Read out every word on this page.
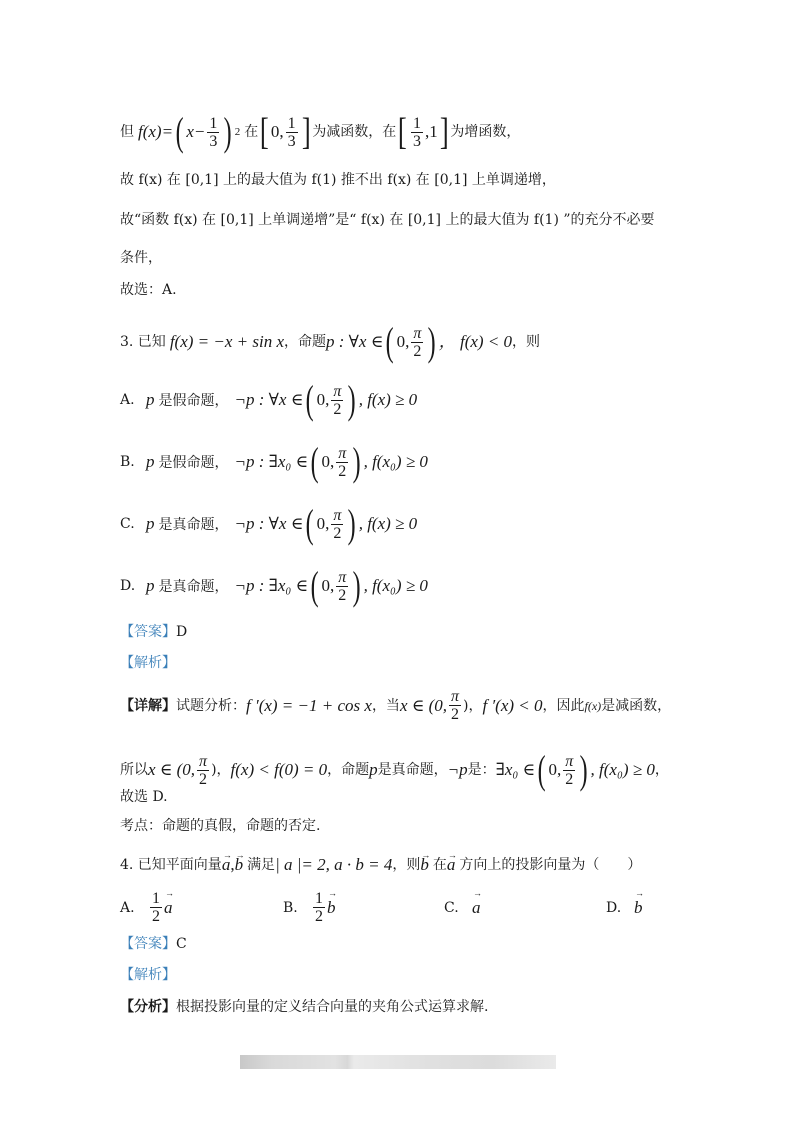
但 f(x)= ( $x- \frac{1}{3}$ ) 2 在 [ 0, $\frac{1}{3}$ ] 为减函数，在 [ $\frac{1}{3} ,1$ ] 为增函数，
故 f(x) 在 [0,1] 上的最大值为 f(1) 推不出 f(x) 在 [0,1] 上单调递增，
故“函数 f(x) 在 [0,1] 上单调递增”是“ f(x) 在 [0,1] 上的最大值为 f(1) ”的充分不必要
条件，
故选：A.
3. 已知 f(x) = −x + sin x ，命题 p : ∀x ∈ ( 0, $\frac{\pi}{2}$ ) ， f(x) < 0 ，则
A. p 是假命题， ¬p : ∀x ∈ ( 0, $\frac{\pi}{2}$ ) , f(x) ≥ 0
B. p 是假命题， ¬p : ∃x₀ ∈ ( 0, $\frac{\pi}{2}$ ) , f(x₀) ≥ 0
C. p 是真命题， ¬p : ∀x ∈ ( 0, $\frac{\pi}{2}$ ) , f(x) ≥ 0
D. p 是真命题， ¬p : ∃x₀ ∈ ( 0, $\frac{\pi}{2}$ ) , f(x₀) ≥ 0
【答案】 D
【解析】
【详解】 试题分析： f ′(x) = −1 + cos x ，当 x ∈ (0, $\frac{\pi}{2}$ )， f ′(x) < 0 ，因此 f(x) 是减函数，
所以 x ∈ (0, $\frac{\pi}{2}$ )， f(x) < f(0) = 0 ，命题 p 是真命题， ¬p 是： ∃x₀ ∈ ( 0, $\frac{\pi}{2}$ ) , f(x₀) ≥ 0 ，
故选 D.
考点：命题的真假，命题的否定.
4. 已知平面向量 → a , → b 满足 | a |= 2, a · b = 4 ，则 → b 在 → a 方向上的投影向量为（　　）
A. $\frac{1}{2} \to a$	B. $\frac{1}{2} \to b$	C. → a	D. → b
【答案】 C
【解析】
【分析】 根据投影向量的定义结合向量的夹角公式运算求解.
